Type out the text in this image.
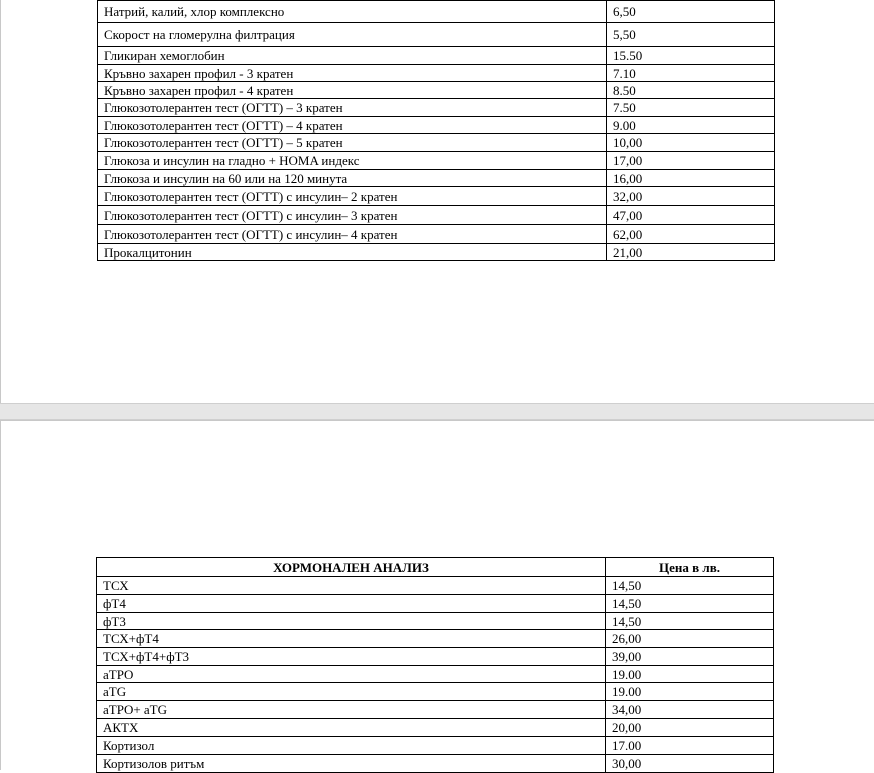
Натрий, калий, хлор комплексно	6,50
Скорост на гломерулна филтрация	5,50
Гликиран хемоглобин	15.50
Кръвно захарен профил - 3 кратен	7.10
Кръвно захарен профил - 4 кратен	8.50
Глюкозотолерантен тест (ОГТТ) – 3 кратен	7.50
Глюкозотолерантен тест (ОГТТ) – 4 кратен	9.00
Глюкозотолерантен тест (ОГТТ) – 5 кратен	10,00
Глюкоза и инсулин на гладно + HOMA индекс	17,00
Глюкоза и инсулин на 60 или на 120 минута	16,00
Глюкозотолерантен тест (ОГТТ) с инсулин– 2 кратен	32,00
Глюкозотолерантен тест (ОГТТ) с инсулин– 3 кратен	47,00
Глюкозотолерантен тест (ОГТТ) с инсулин– 4 кратен	62,00
Прокалцитонин	21,00
ХОРМОНАЛЕН АНАЛИЗ	Цена в лв.
ТСХ	14,50
фТ4	14,50
фТ3	14,50
ТСХ+фТ4	26,00
ТСХ+фТ4+фТ3	39,00
aTPO	19.00
aTG	19.00
aTPO+ aTG	34,00
АКТХ	20,00
Кортизол	17.00
Кортизолов ритъм	30,00
